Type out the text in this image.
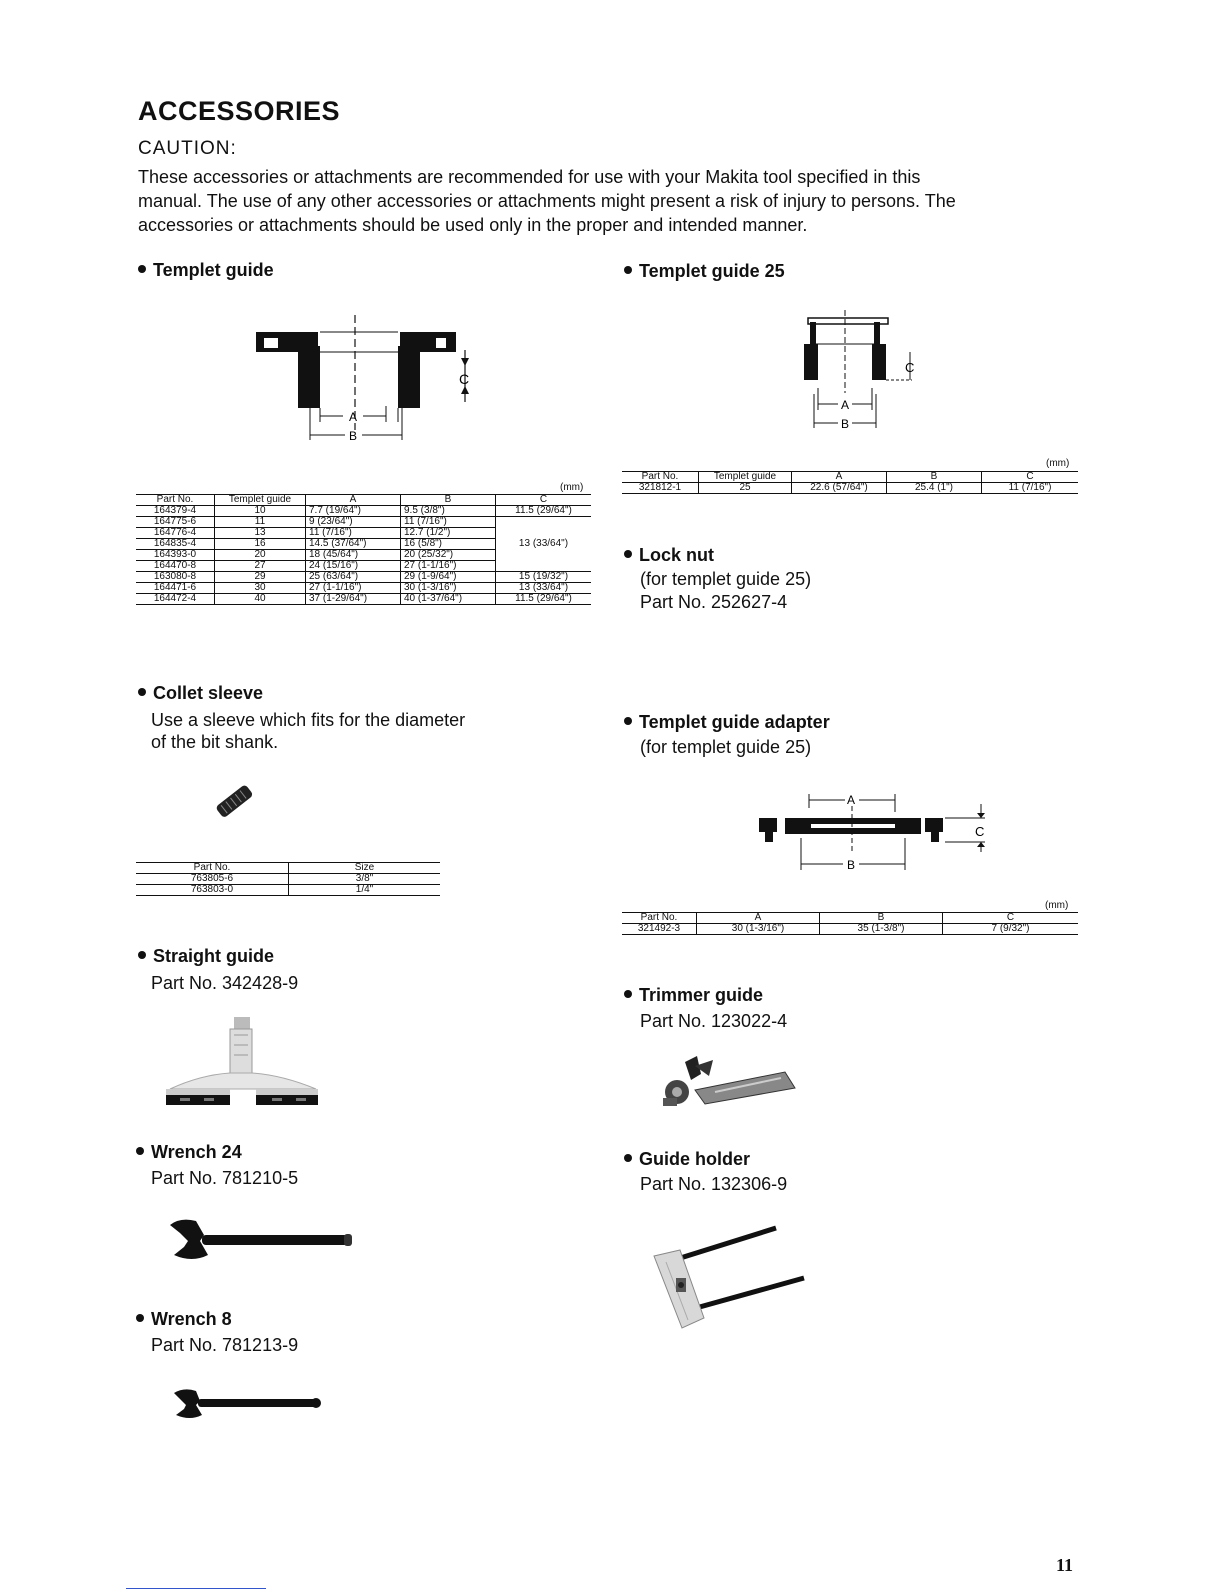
ACCESSORIES
CAUTION:
These accessories or attachments are recommended for use with your Makita tool specified in this
manual. The use of any other accessories or attachments might present a risk of injury to persons. The
accessories or attachments should be used only in the proper and intended manner.
Templet guide
C
A
B
(mm)
Part No.	Templet guide	A	B	C
164379-4	10	7.7 (19/64")	9.5 (3/8")	11.5 (29/64")
164775-6	11	9 (23/64")	11 (7/16")	13 (33/64")
164776-4	13	11 (7/16")	12.7 (1/2")	
164835-4	16	14.5 (37/64")	16 (5/8")	
164393-0	20	18 (45/64")	20 (25/32")	
164470-8	27	24 (15/16")	27 (1-1/16")	
163080-8	29	25 (63/64")	29 (1-9/64")	15 (19/32")
164471-6	30	27 (1-1/16")	30 (1-3/16")	13 (33/64")
164472-4	40	37 (1-29/64")	40 (1-37/64")	11.5 (29/64")
Templet guide 25
C
A
B
(mm)
Part No.	Templet guide	A	B	C
321812-1	25	22.6 (57/64")	25.4 (1")	11 (7/16")
Lock nut
(for templet guide 25)
Part No. 252627-4
Collet sleeve
Use a sleeve which fits for the diameter
of the bit shank.
Part No.	Size
763805-6	3/8"
763803-0	1/4"
Templet guide adapter
(for templet guide 25)
A
C
B
(mm)
Part No.	A	B	C
321492-3	30 (1-3/16")	35 (1-3/8")	7 (9/32")
Straight guide
Part No. 342428-9
Trimmer guide
Part No. 123022-4
Wrench 24
Part No. 781210-5
Guide holder
Part No. 132306-9
Wrench 8
Part No. 781213-9
11
